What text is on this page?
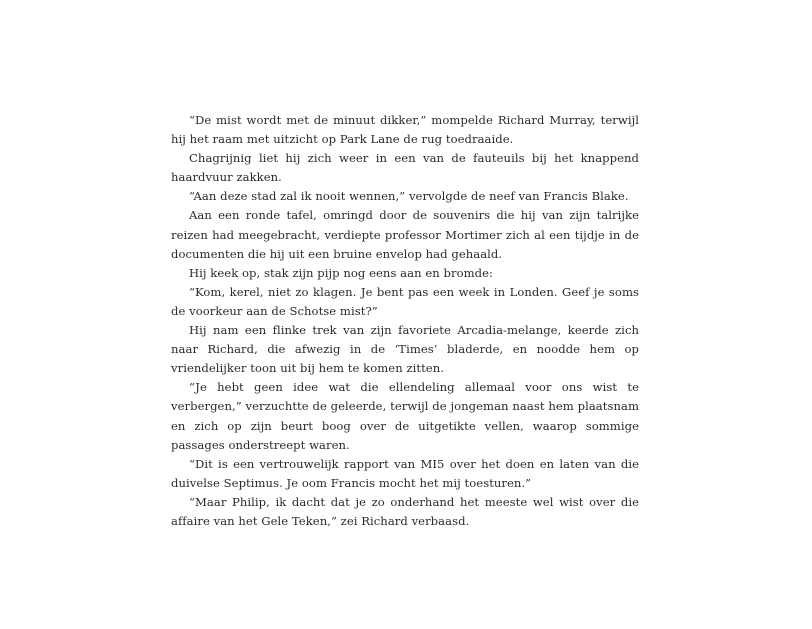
“De mist wordt met de minuut dikker,” mompelde Richard Murray, terwijl hij het raam met uitzicht op Park Lane de rug toedraaide.

Chagrijnig liet hij zich weer in een van de fauteuils bij het knappend haardvuur zakken.

“Aan deze stad zal ik nooit wennen,” vervolgde de neef van Francis Blake.

Aan een ronde tafel, omringd door de souvenirs die hij van zijn talrijke reizen had meegebracht, verdiepte professor Mortimer zich al een tijdje in de documenten die hij uit een bruine envelop had gehaald.

Hij keek op, stak zijn pijp nog eens aan en bromde:

“Kom, kerel, niet zo klagen. Je bent pas een week in Londen. Geef je soms de voorkeur aan de Schotse mist?”

Hij nam een flinke trek van zijn favoriete Arcadia-melange, keerde zich naar Richard, die afwezig in de ‘Times’ bladerde, en noodde hem op vriendelijker toon uit bij hem te komen zitten.

“Je hebt geen idee wat die ellendeling allemaal voor ons wist te verbergen,” verzuchtte de geleerde, terwijl de jongeman naast hem plaatsnam en zich op zijn beurt boog over de uitgetikte vellen, waarop sommige passages onderstreept waren.

“Dit is een vertrouwelijk rapport van MI5 over het doen en laten van die duivelse Septimus. Je oom Francis mocht het mij toesturen.”

“Maar Philip, ik dacht dat je zo onderhand het meeste wel wist over die affaire van het Gele Teken,” zei Richard verbaasd.
